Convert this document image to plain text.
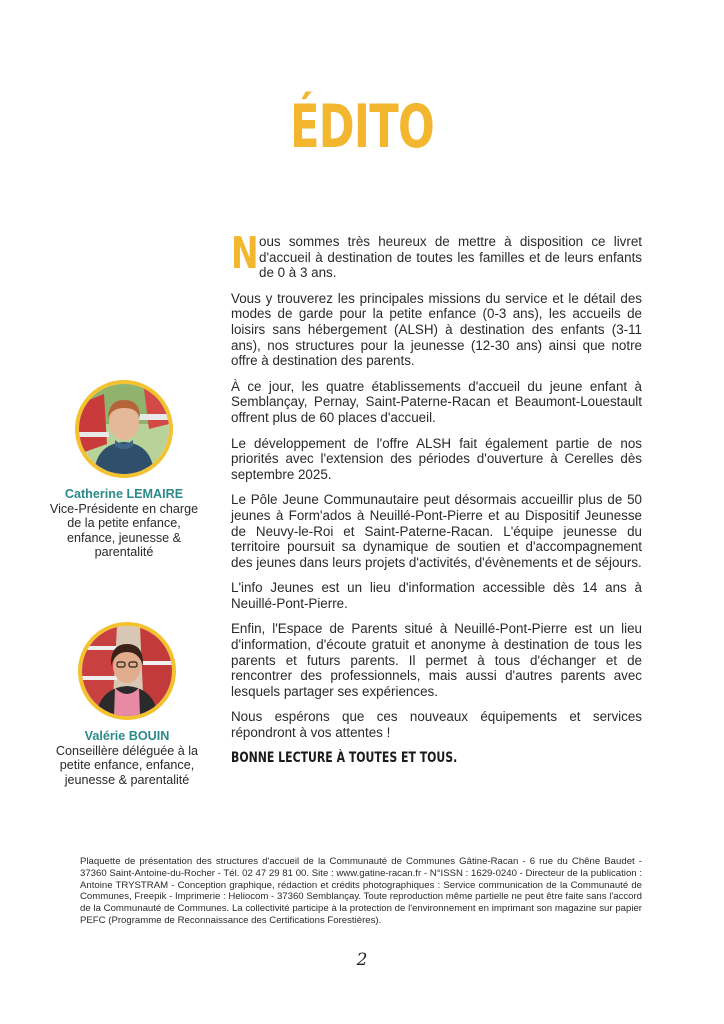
ÉDITO

Nous sommes très heureux de mettre à disposition ce livret d'accueil à destination de toutes les familles et de leurs enfants de 0 à 3 ans.

Vous y trouverez les principales missions du service et le détail des modes de garde pour la petite enfance (0-3 ans), les accueils de loisirs sans hébergement (ALSH) à destination des enfants (3-11 ans), nos structures pour la jeunesse (12-30 ans) ainsi que notre offre à destination des parents.

À ce jour, les quatre établissements d'accueil du jeune enfant à Semblançay, Pernay, Saint-Paterne-Racan et Beaumont-Louestault offrent plus de 60 places d'accueil.

Le développement de l'offre ALSH fait également partie de nos priorités avec l'extension des périodes d'ouverture à Cerelles dès septembre 2025.

Le Pôle Jeune Communautaire peut désormais accueillir plus de 50 jeunes à Form'ados à Neuillé-Pont-Pierre et au Dispositif Jeunesse de Neuvy-le-Roi et Saint-Paterne-Racan. L'équipe jeunesse du territoire poursuit sa dynamique de soutien et d'accompagnement des jeunes dans leurs projets d'activités, d'évènements et de séjours.

L'info Jeunes est un lieu d'information accessible dès 14 ans à Neuillé-Pont-Pierre.

Enfin, l'Espace de Parents situé à Neuillé-Pont-Pierre est un lieu d'information, d'écoute gratuit et anonyme à destination de tous les parents et futurs parents. Il permet à tous d'échanger et de rencontrer des professionnels, mais aussi d'autres parents avec lesquels partager ses expériences.

Nous espérons que ces nouveaux équipements et services répondront à vos attentes !

BONNE LECTURE À TOUTES ET TOUS.
Catherine LEMAIRE
Vice-Présidente en charge de la petite enfance, enfance, jeunesse & parentalité
Valérie BOUIN
Conseillère déléguée à la petite enfance, enfance, jeunesse & parentalité
Plaquette de présentation des structures d'accueil de la Communauté de Communes Gâtine-Racan - 6 rue du Chêne Baudet - 37360 Saint-Antoine-du-Rocher - Tél. 02 47 29 81 00. Site : www.gatine-racan.fr - N°ISSN : 1629-0240 - Directeur de la publication : Antoine TRYSTRAM - Conception graphique, rédaction et crédits photographiques : Service communication de la Communauté de Communes, Freepik - Imprimerie : Heliocom - 37360 Semblançay. Toute reproduction même partielle ne peut être faite sans l'accord de la Communauté de Communes. La collectivité participe à la protection de l'environnement en imprimant son magazine sur papier PEFC (Programme de Reconnaissance des Certifications Forestières).
2
